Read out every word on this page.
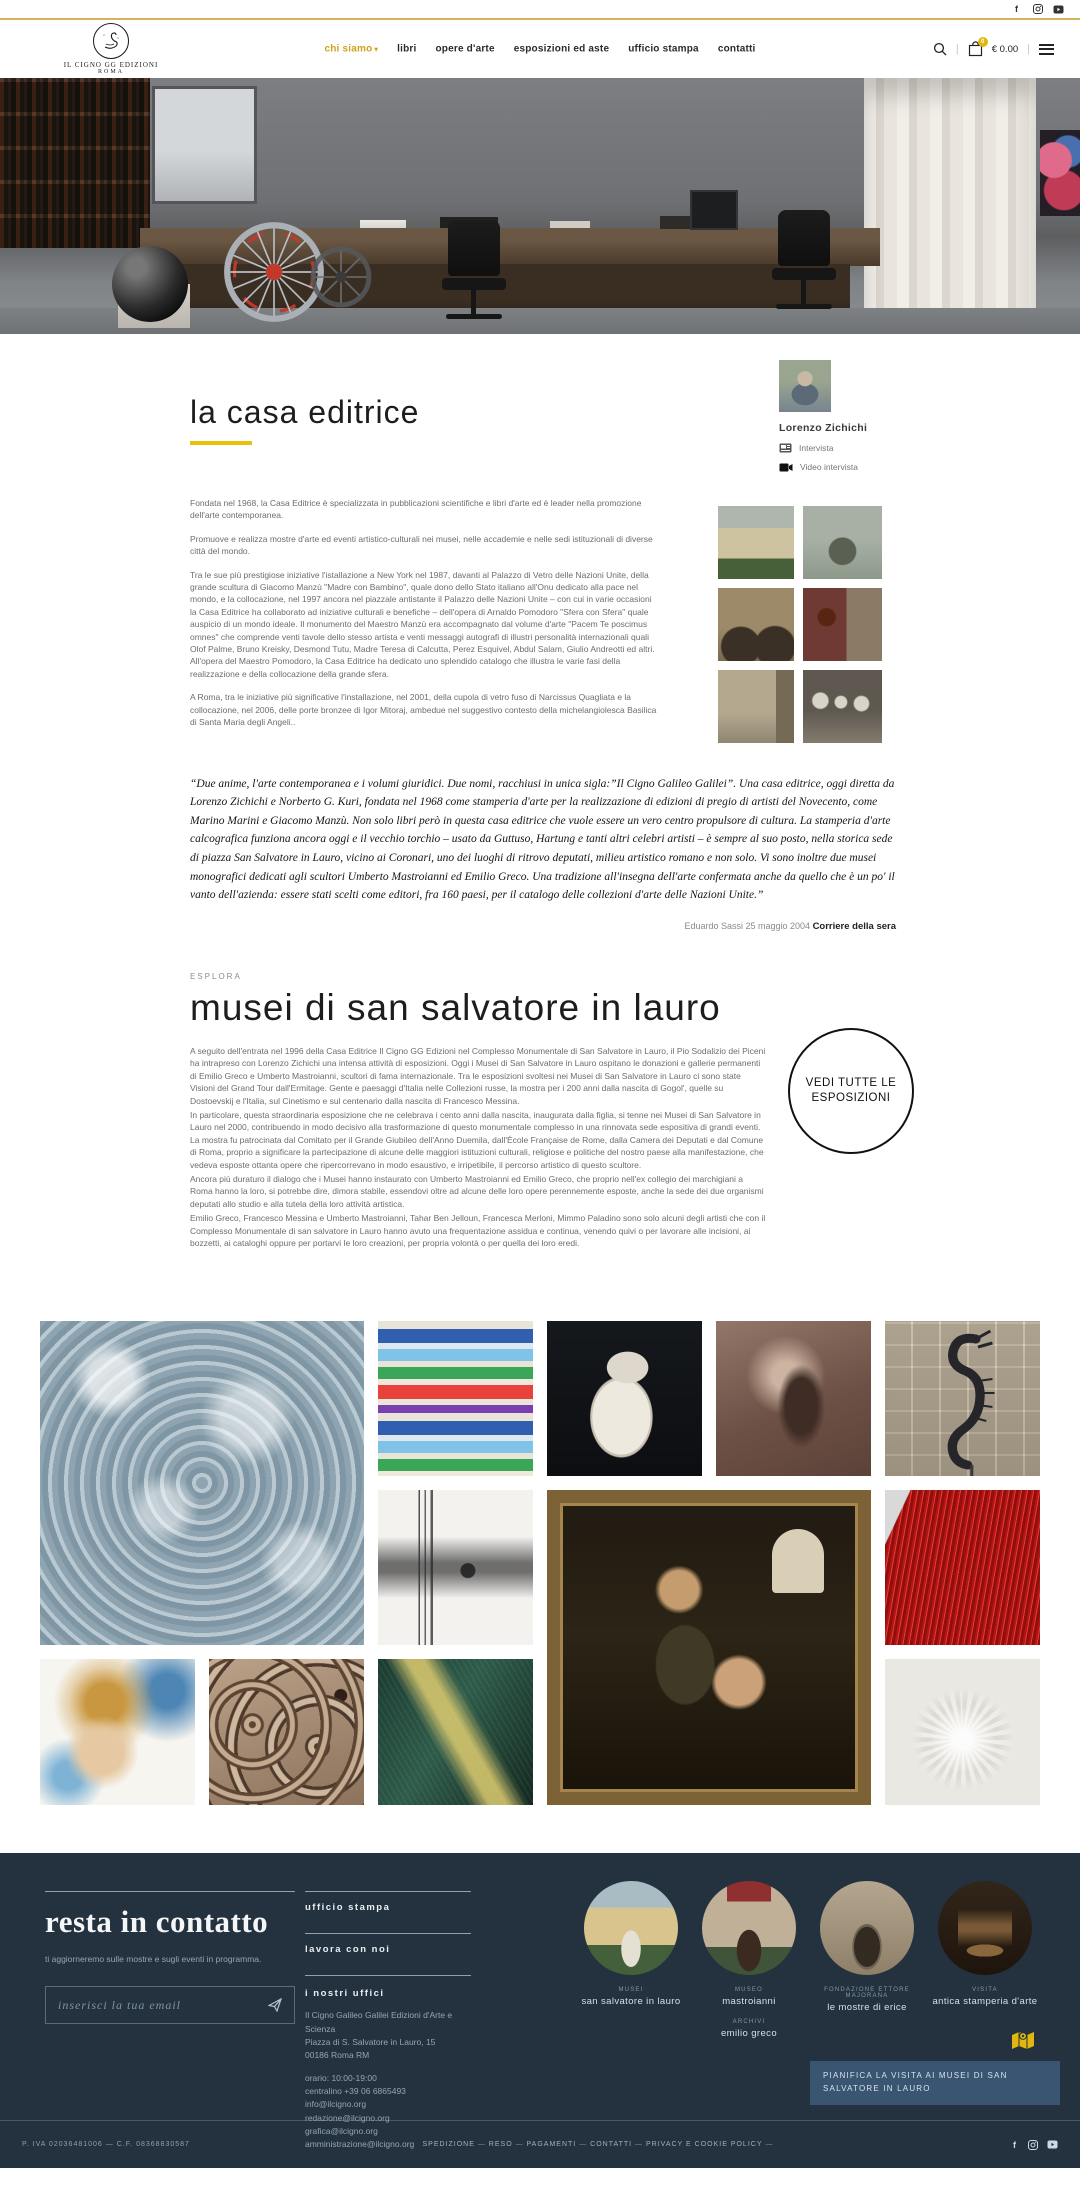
f
IL CIGNO GG EDIZIONI
ROMA
chi siamo ▾ libri opere d'arte esposizioni ed aste ufficio stampa contatti	|
0
€ 0.00 |
la casa editrice	Lorenzo Zichichi
Intervista
Video intervista

Fondata nel 1968, la Casa Editrice è specializzata in pubblicazioni scientifiche e libri d'arte ed è leader nella promozione dell'arte contemporanea.

Promuove e realizza mostre d'arte ed eventi artistico-culturali nei musei, nelle accademie e nelle sedi istituzionali di diverse città del mondo.

Tra le sue più prestigiose iniziative l'istallazione a New York nel 1987, davanti al Palazzo di Vetro delle Nazioni Unite, della grande scultura di Giacomo Manzù "Madre con Bambino", quale dono dello Stato italiano all'Onu dedicato alla pace nel mondo, e la collocazione, nel 1997 ancora nel piazzale antistante il Palazzo delle Nazioni Unite – con cui in varie occasioni la Casa Editrice ha collaborato ad iniziative culturali e benefiche – dell'opera di Arnaldo Pomodoro "Sfera con Sfera" quale auspicio di un mondo ideale. Il monumento del Maestro Manzù era accompagnato dal volume d'arte "Pacem Te poscimus omnes" che comprende venti tavole dello stesso artista e venti messaggi autografi di illustri personalità internazionali quali Olof Palme, Bruno Kreisky, Desmond Tutu, Madre Teresa di Calcutta, Perez Esquivel, Abdul Salam, Giulio Andreotti ed altri. All'opera del Maestro Pomodoro, la Casa Editrice ha dedicato uno splendido catalogo che illustra le varie fasi della realizzazione e della collocazione della grande sfera.

A Roma, tra le iniziative più significative l'installazione, nel 2001, della cupola di vetro fuso di Narcissus Quagliata e la collocazione, nel 2006, delle porte bronzee di Igor Mitoraj, ambedue nel suggestivo contesto della michelangiolesca Basilica di Santa Maria degli Angeli..

“Due anime, l'arte contemporanea e i volumi giuridici. Due nomi, racchiusi in unica sigla:”Il Cigno Galileo Galilei”. Una casa editrice, oggi diretta da Lorenzo Zichichi e Norberto G. Kuri, fondata nel 1968 come stamperia d'arte per la realizzazione di edizioni di pregio di artisti del Novecento, come Marino Marini e Giacomo Manzù. Non solo libri però in questa casa editrice che vuole essere un vero centro propulsore di cultura. La stamperia d'arte calcografica funziona ancora oggi e il vecchio torchio – usato da Guttuso, Hartung e tanti altri celebri artisti – è sempre al suo posto, nella storica sede di piazza San Salvatore in Lauro, vicino ai Coronari, uno dei luoghi di ritrovo deputati, milieu artistico romano e non solo. Vi sono inoltre due musei monografici dedicati agli scultori Umberto Mastroianni ed Emilio Greco. Una tradizione all'insegna dell'arte confermata anche da quello che è un po' il vanto dell'azienda: essere stati scelti come editori, fra 160 paesi, per il catalogo delle collezioni d'arte delle Nazioni Unite.”
Eduardo Sassi 25 maggio 2004 Corriere della sera
ESPLORA
musei di san salvatore in lauro

A seguito dell'entrata nel 1996 della Casa Editrice Il Cigno GG Edizioni nel Complesso Monumentale di San Salvatore in Lauro, il Pio Sodalizio dei Piceni ha intrapreso con Lorenzo Zichichi una intensa attività di esposizioni. Oggi i Musei di San Salvatore in Lauro ospitano le donazioni e gallerie permanenti di Emilio Greco e Umberto Mastroianni, scultori di fama internazionale. Tra le esposizioni svoltesi nei Musei di San Salvatore in Lauro ci sono state Visioni del Grand Tour dall'Ermitage. Gente e paesaggi d'Italia nelle Collezioni russe, la mostra per i 200 anni dalla nascita di Gogol', quelle su Dostoevskij e l'Italia, sul Cinetismo e sul centenario dalla nascita di Francesco Messina.

In particolare, questa straordinaria esposizione che ne celebrava i cento anni dalla nascita, inaugurata dalla figlia, si tenne nei Musei di San Salvatore in Lauro nel 2000, contribuendo in modo decisivo alla trasformazione di questo monumentale complesso in una rinnovata sede espositiva di grandi eventi. La mostra fu patrocinata dal Comitato per il Grande Giubileo dell'Anno Duemila, dall'École Française de Rome, dalla Camera dei Deputati e dal Comune di Roma, proprio a significare la partecipazione di alcune delle maggiori istituzioni culturali, religiose e politiche del nostro paese alla manifestazione, che vedeva esposte ottanta opere che ripercorrevano in modo esaustivo, e irripetibile, il percorso artistico di questo scultore.

Ancora più duraturo il dialogo che i Musei hanno instaurato con Umberto Mastroianni ed Emilio Greco, che proprio nell'ex collegio dei marchigiani a Roma hanno la loro, si potrebbe dire, dimora stabile, essendovi oltre ad alcune delle loro opere perennemente esposte, anche la sede dei due organismi deputati allo studio e alla tutela della loro attività artistica.

Emilio Greco, Francesco Messina e Umberto Mastroianni, Tahar Ben Jelloun, Francesca Merloni, Mimmo Paladino sono solo alcuni degli artisti che con il Complesso Monumentale di san salvatore in Lauro hanno avuto una frequentazione assidua e continua, venendo quivi o per lavorare alle incisioni, ai bozzetti, ai cataloghi oppure per portarvi le loro creazioni, per propria volontà o per quella dei loro eredi.

VEDI TUTTE LE ESPOSIZIONI
resta in contatto
ti aggiorneremo sulle mostre e sugli eventi in programma.
inserisci la tua email
ufficio stampa
lavora con noi
i nostri uffici
Il Cigno Galileo Galilei Edizioni d'Arte e Scienza
Piazza di S. Salvatore in Lauro, 15
00186 Roma RM
orario: 10:00-19:00
centralino +39 06 6865493
info@ilcigno.org
redazione@ilcigno.org
grafica@ilcigno.org
amministrazione@ilcigno.org
MUSEI
san salvatore in lauro
MUSEO
mastroianni
ARCHIVI
emilio greco
FONDAZIONE ETTORE MAJORANA
le mostre di erice
VISITA
antica stamperia d'arte
PIANIFICA LA VISITA AI MUSEI DI SAN SALVATORE IN LAURO
P. IVA 02036481006 — C.F. 08368830587	SPEDIZIONE —	RESO —	PAGAMENTI —	CONTATTI —	PRIVACY E COOKIE POLICY —	f
